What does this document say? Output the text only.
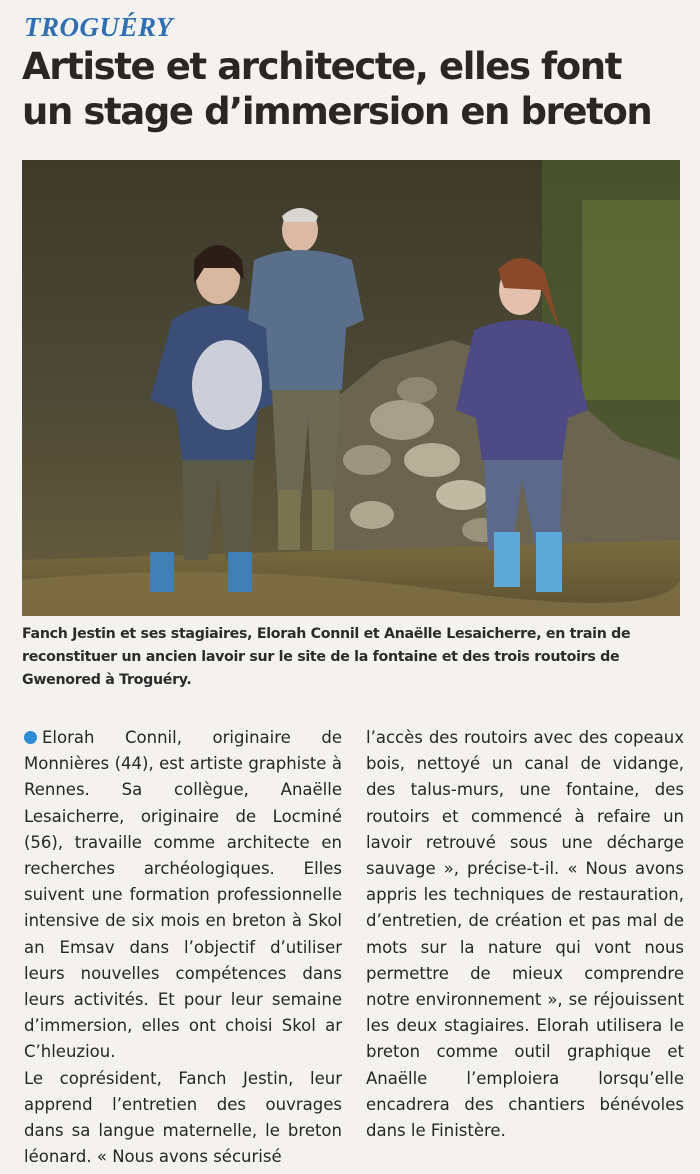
TROGUÉRY
Artiste et architecte, elles font un stage d’immersion en breton

Fanch Jestin et ses stagiaires, Elorah Connil et Anaëlle Lesaicherre, en train de reconstituer un ancien lavoir sur le site de la fontaine et des trois routoirs de Gwenored à Troguéry.

Elorah Connil, originaire de Monnières (44), est artiste graphiste à Rennes. Sa collègue, Anaëlle Lesaicherre, originaire de Locminé (56), travaille comme architecte en recherches archéologiques. Elles suivent une formation professionnelle intensive de six mois en breton à Skol an Emsav dans l’objectif d’utiliser leurs nouvelles compétences dans leurs activités. Et pour leur semaine d’immersion, elles ont choisi Skol ar C’hleuziou.

Le coprésident, Fanch Jestin, leur apprend l’entretien des ouvrages dans sa langue maternelle, le breton léonard. « Nous avons sécurisé

l’accès des routoirs avec des copeaux bois, nettoyé un canal de vidange, des talus-murs, une fontaine, des routoirs et commencé à refaire un lavoir retrouvé sous une décharge sauvage », précise-t-il. « Nous avons appris les techniques de restauration, d’entretien, de création et pas mal de mots sur la nature qui vont nous permettre de mieux comprendre notre environnement », se réjouissent les deux stagiaires. Elorah utilisera le breton comme outil graphique et Anaëlle l’emploiera lorsqu’elle encadrera des chantiers bénévoles dans le Finistère.
